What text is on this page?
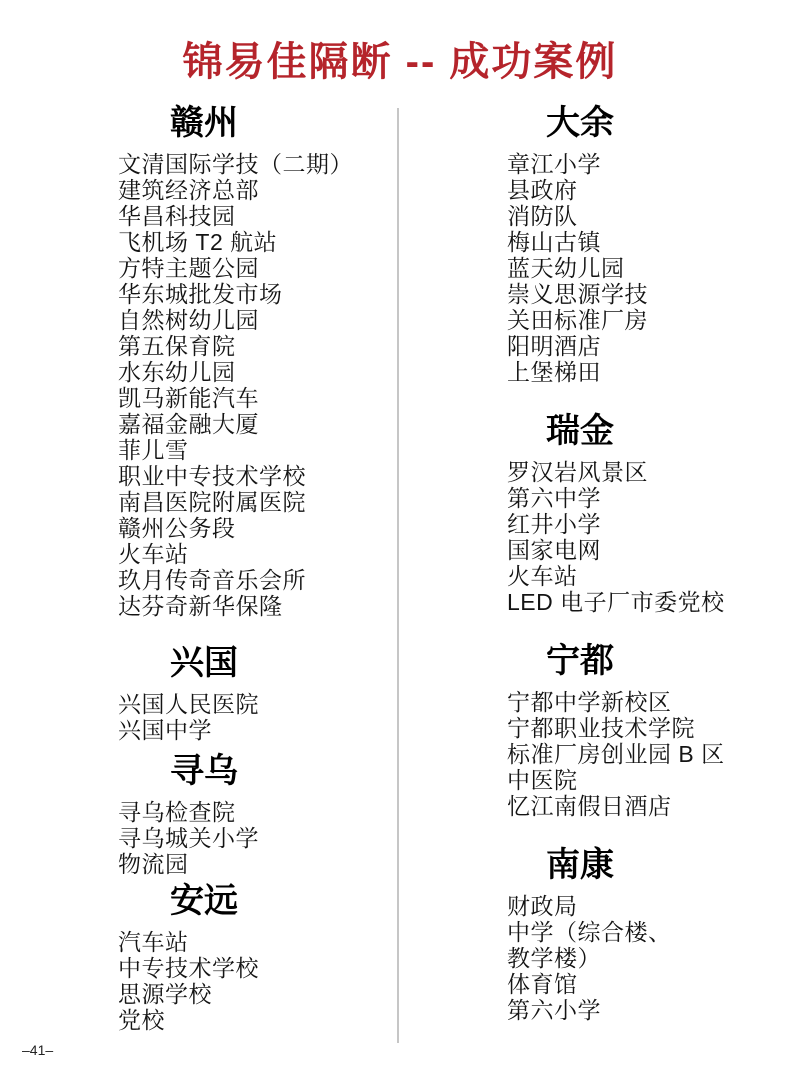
锦易佳隔断 -- 成功案例
赣州
文清国际学技（二期）
建筑经济总部
华昌科技园
飞机场 T2 航站
方特主题公园
华东城批发市场
自然树幼儿园
第五保育院
水东幼儿园
凯马新能汽车
嘉福金融大厦
菲儿雪
职业中专技术学校
南昌医院附属医院
赣州公务段
火车站
玖月传奇音乐会所
达芬奇新华保隆
兴国
兴国人民医院
兴国中学
寻乌
寻乌检查院
寻乌城关小学
物流园
安远
汽车站
中专技术学校
思源学校
党校
大余
章江小学
县政府
消防队
梅山古镇
蓝天幼儿园
崇义思源学技
关田标准厂房
阳明酒店
上堡梯田
瑞金
罗汉岩风景区
第六中学
红井小学
国家电网
火车站
LED 电子厂市委党校
宁都
宁都中学新校区
宁都职业技术学院
标准厂房创业园 B 区
中医院
忆江南假日酒店
南康
财政局
中学（综合楼、
教学楼）
体育馆
第六小学
–41–
